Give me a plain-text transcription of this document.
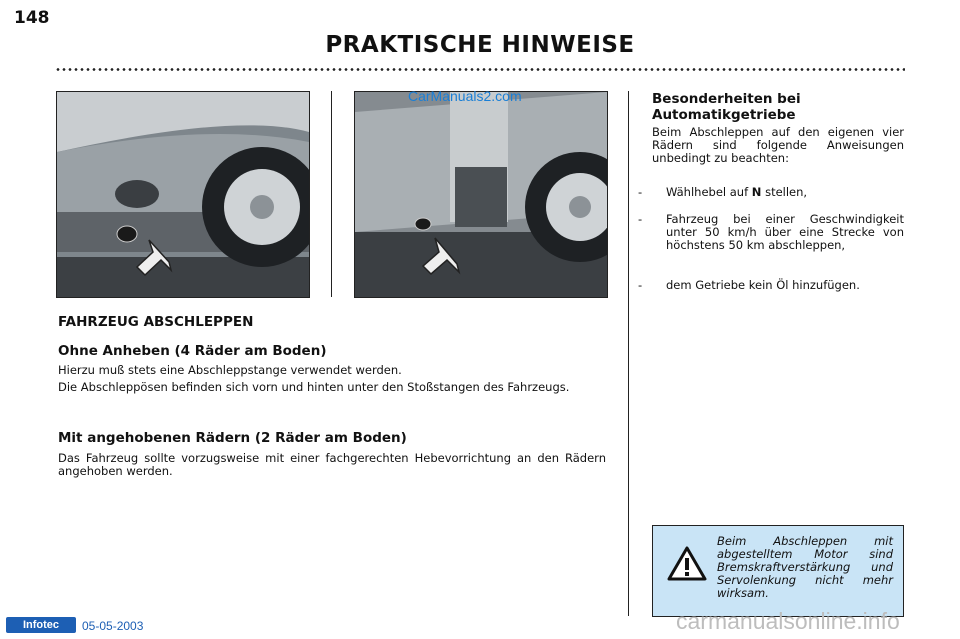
148
PRAKTISCHE HINWEISE
CarManuals2.com
FAHRZEUG ABSCHLEPPEN
Ohne Anheben (4 Räder am Boden)
Hierzu muß stets eine Abschleppstange verwendet werden.
Die Abschleppösen befinden sich vorn und hinten unter den Stoßstangen des Fahrzeugs.
Mit angehobenen Rädern (2 Räder am Boden)
Das Fahrzeug sollte vorzugsweise mit einer fachgerechten Hebevorrichtung an den Rädern angehoben werden.
Besonderheiten bei Automatikgetriebe
Beim Abschleppen auf den eigenen vier Rädern sind folgende Anweisungen unbedingt zu beachten:
- Wählhebel auf N stellen,
- Fahrzeug bei einer Geschwindigkeit unter 50 km/h über eine Strecke von höchstens 50 km abschleppen,
- dem Getriebe kein Öl hinzufügen.
Beim Abschleppen mit abgestelltem Motor sind Bremskraftverstärkung und Servolenkung nicht mehr wirksam.
Infotec	05-05-2003	carmanualsonline.info
